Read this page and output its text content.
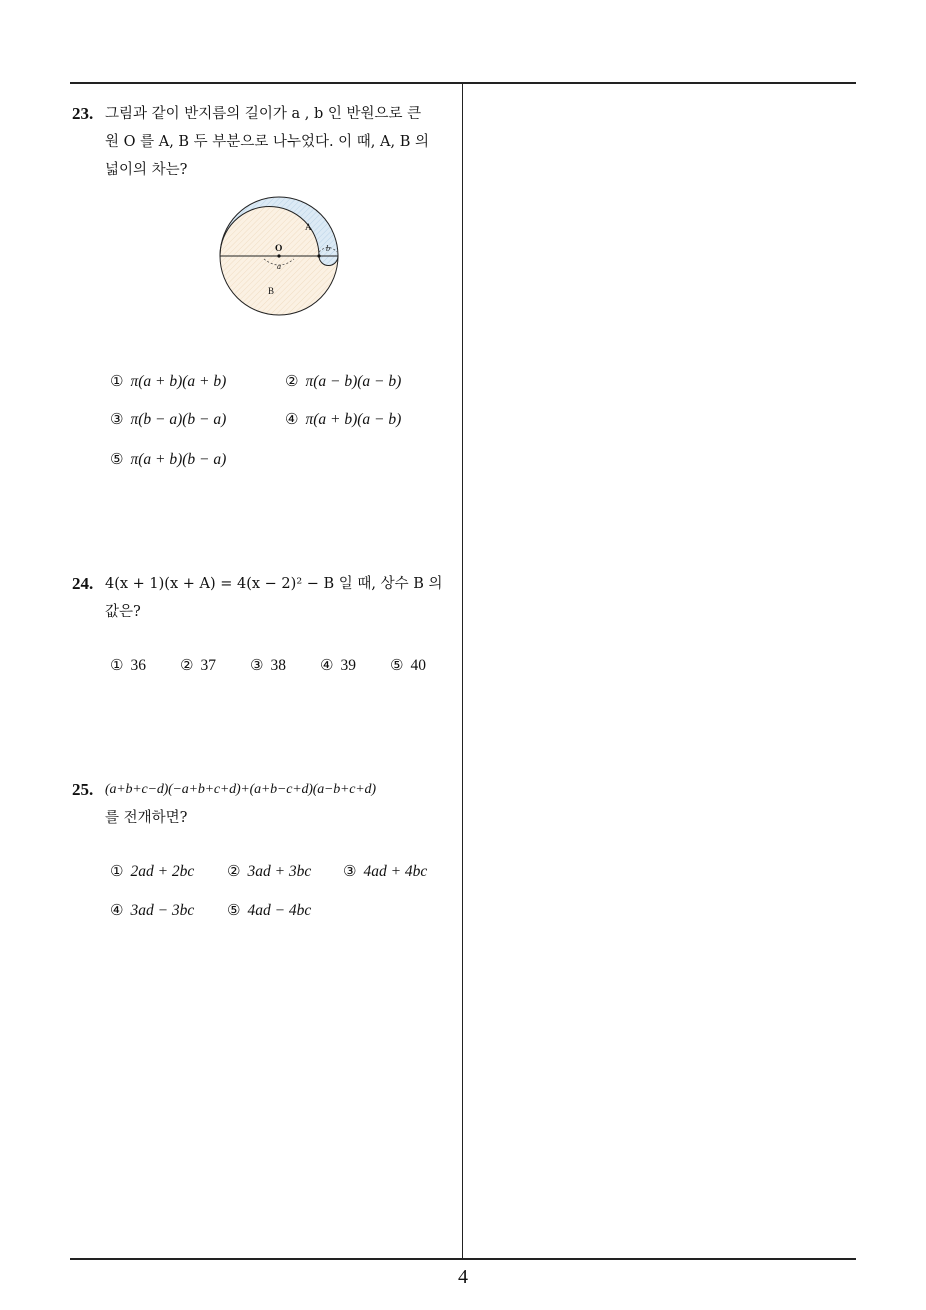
23. 그림과 같이 반지름의 길이가 a , b 인 반원으로 큰
원 O 를 A, B 두 부분으로 나누었다. 이 때, A, B 의
넓이의 차는?
O
A
B
a
b
① π(a + b)(a + b)	② π(a − b)(a − b)
③ π(b − a)(b − a)	④ π(a + b)(a − b)
⑤ π(a + b)(b − a)
24. 4(x + 1)(x + A) = 4(x − 2)² − B 일 때, 상수 B 의
값은?
① 36 ② 37 ③ 38 ④ 39 ⑤ 40
25. (a+b+c−d)(−a+b+c+d)+(a+b−c+d)(a−b+c+d)
를 전개하면?
① 2ad + 2bc ② 3ad + 3bc ③ 4ad + 4bc
④ 3ad − 3bc ⑤ 4ad − 4bc
4
